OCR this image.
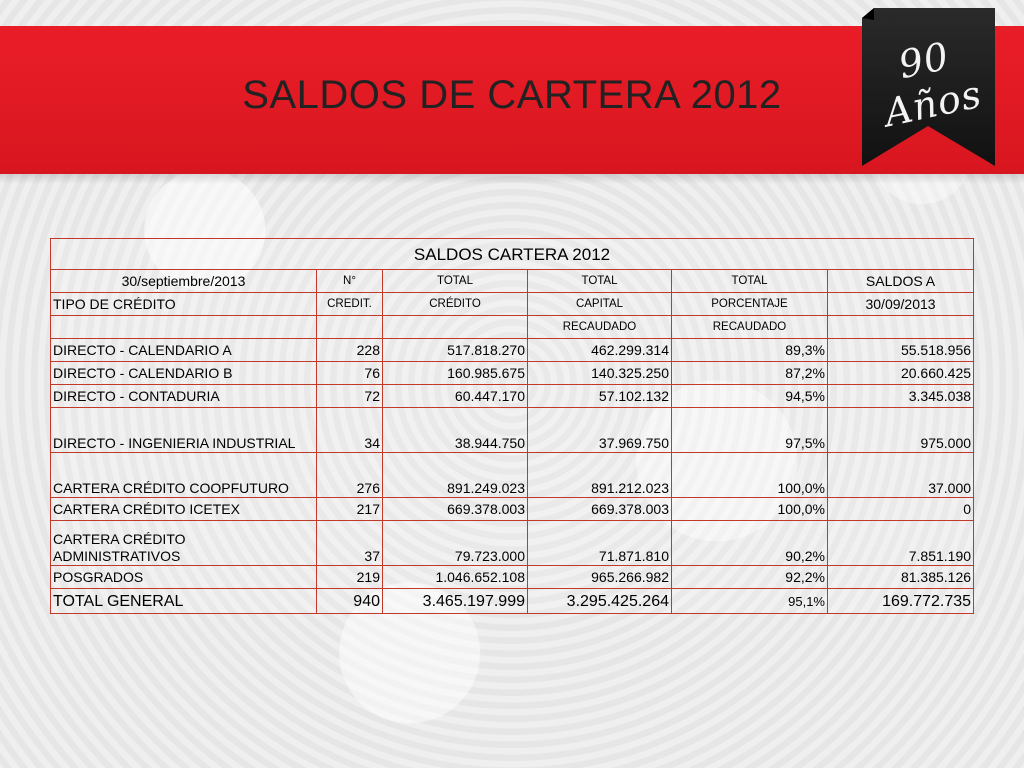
SALDOS DE CARTERA 2012
90 Años
SALDOS CARTERA 2012					
30/septiembre/2013	N°	TOTAL	TOTAL	TOTAL	SALDOS A
TIPO DE CRÉDITO	CREDIT.	CRÉDITO	CAPITAL	PORCENTAJE	30/09/2013
			RECAUDADO	RECAUDADO	
DIRECTO - CALENDARIO A	228	517.818.270	462.299.314	89,3%	55.518.956
DIRECTO - CALENDARIO B	76	160.985.675	140.325.250	87,2%	20.660.425
DIRECTO - CONTADURIA	72	60.447.170	57.102.132	94,5%	3.345.038
DIRECTO - INGENIERIA INDUSTRIAL	34	38.944.750	37.969.750	97,5%	975.000
CARTERA CRÉDITO COOPFUTURO	276	891.249.023	891.212.023	100,0%	37.000
CARTERA CRÉDITO ICETEX	217	669.378.003	669.378.003	100,0%	0
CARTERA CRÉDITO ADMINISTRATIVOS	37	79.723.000	71.871.810	90,2%	7.851.190
POSGRADOS	219	1.046.652.108	965.266.982	92,2%	81.385.126
TOTAL GENERAL	940	3.465.197.999	3.295.425.264	95,1%	169.772.735
